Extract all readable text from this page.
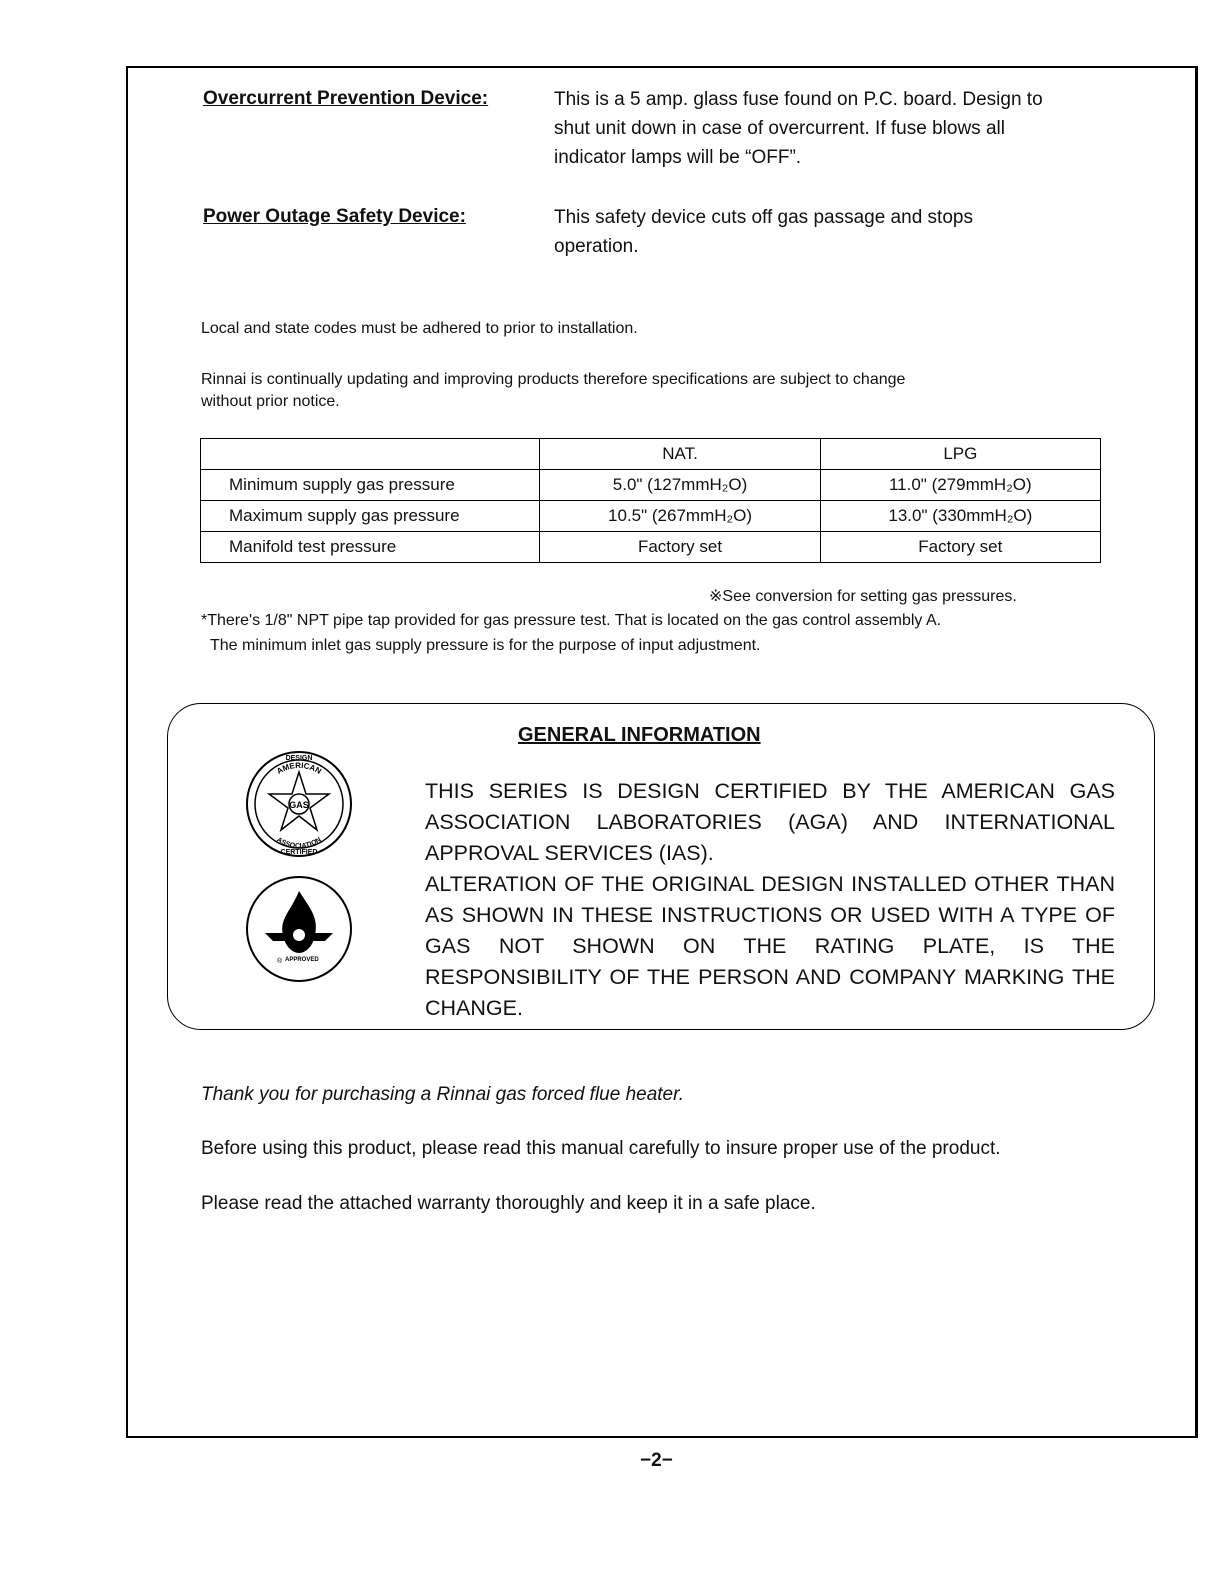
Overcurrent Prevention Device:	This is a 5 amp. glass fuse found on P.C. board. Design to
shut unit down in case of overcurrent. If fuse blows all
indicator lamps will be “OFF”.
Power Outage Safety Device:	This safety device cuts off gas passage and stops
operation.
Local and state codes must be adhered to prior to installation.
Rinnai is continually updating and improving products therefore specifications are subject to change
without prior notice.
	NAT.	LPG
Minimum supply gas pressure	5.0" (127mmH₂O)	11.0" (279mmH₂O)
Maximum supply gas pressure	10.5" (267mmH₂O)	13.0" (330mmH₂O)
Manifold test pressure	Factory set	Factory set
※See conversion for setting gas pressures.
*There's 1/8" NPT pipe tap provided for gas pressure test. That is located on the gas control assembly A.
The minimum inlet gas supply pressure is for the purpose of input adjustment.
GENERAL INFORMATION
GAS
DESIGN
AMERICAN
ASSOCIATION
CERTIFIED
® APPROVED

THIS SERIES IS DESIGN CERTIFIED BY THE AMERICAN GAS ASSOCIATION LABORATORIES (AGA) AND INTERNATIONAL APPROVAL SERVICES (IAS).

ALTERATION OF THE ORIGINAL DESIGN INSTALLED OTHER THAN AS SHOWN IN THESE INSTRUCTIONS OR USED WITH A TYPE OF GAS NOT SHOWN ON THE RATING PLATE, IS THE RESPONSIBILITY OF THE PERSON AND COMPANY MARKING THE CHANGE.

Thank you for purchasing a Rinnai gas forced flue heater.
Before using this product, please read this manual carefully to insure proper use of the product.
Please read the attached warranty thoroughly and keep it in a safe place.
−2−
